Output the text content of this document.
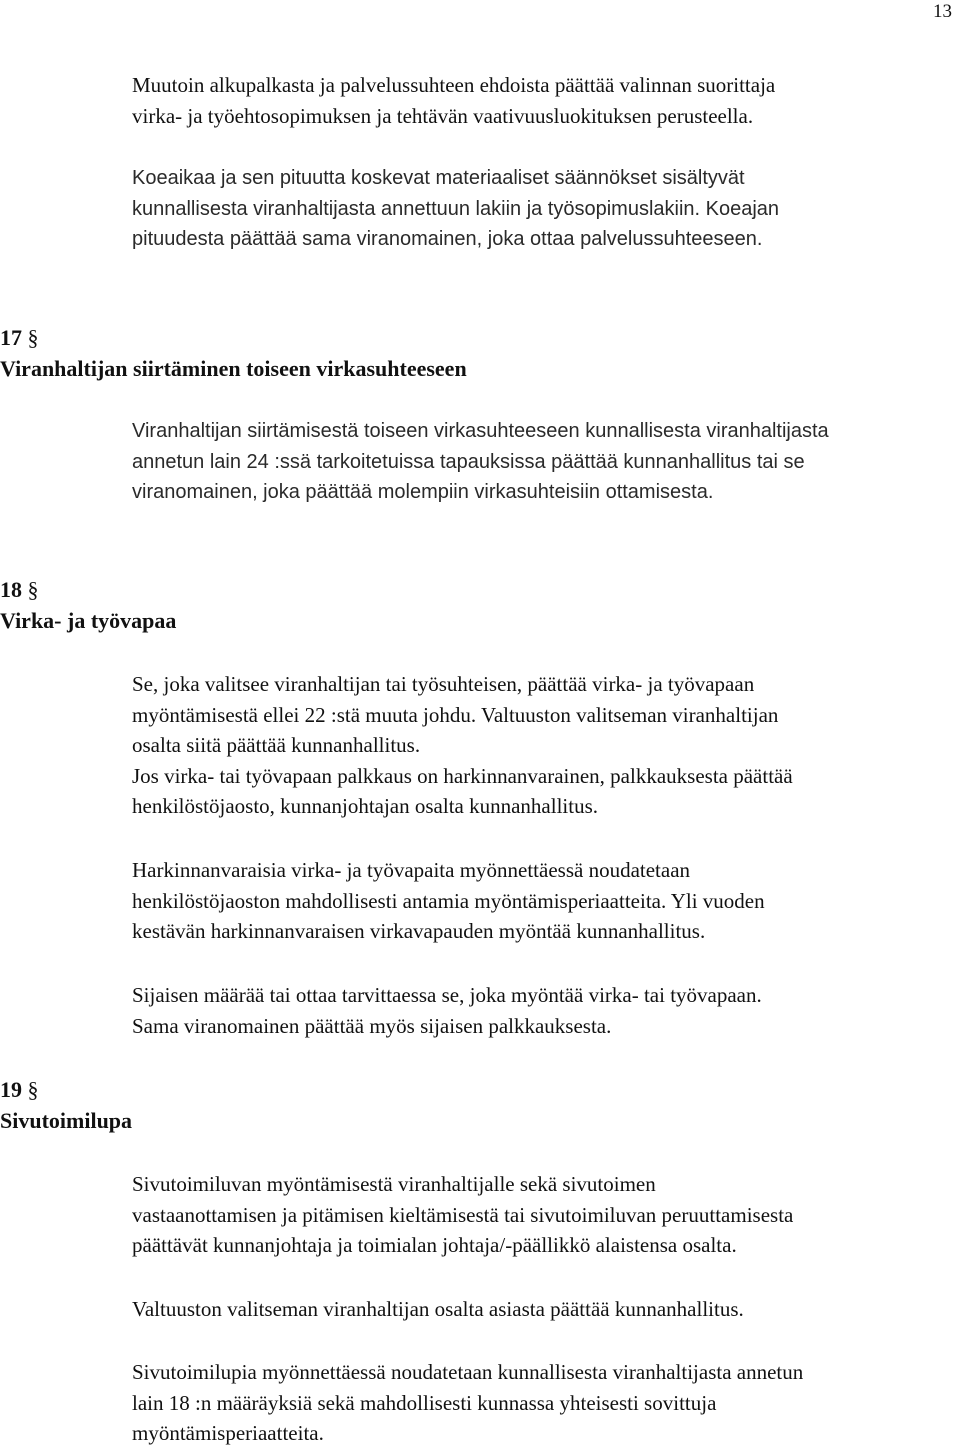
13
Muutoin alkupalkasta ja palvelussuhteen ehdoista päättää valinnan suorittaja
virka- ja työehtosopimuksen ja tehtävän vaativuusluokituksen perusteella.
Koeaikaa ja sen pituutta koskevat materiaaliset säännökset sisältyvät
kunnallisesta viranhaltijasta annettuun lakiin ja työsopimuslakiin. Koeajan
pituudesta päättää sama viranomainen, joka ottaa palvelussuhteeseen.
17 §
Viranhaltijan siirtäminen toiseen virkasuhteeseen
Viranhaltijan siirtämisestä toiseen virkasuhteeseen kunnallisesta viranhaltijasta
annetun lain 24 :ssä tarkoitetuissa tapauksissa päättää kunnanhallitus tai se
viranomainen, joka päättää molempiin virkasuhteisiin ottamisesta.
18 §
Virka- ja työvapaa
Se, joka valitsee viranhaltijan tai työsuhteisen, päättää virka- ja työvapaan
myöntämisestä ellei 22 :stä muuta johdu. Valtuuston valitseman viranhaltijan
osalta siitä päättää kunnanhallitus.
Jos virka- tai työvapaan palkkaus on harkinnanvarainen, palkkauksesta päättää
henkilöstöjaosto, kunnanjohtajan osalta kunnanhallitus.
Harkinnanvaraisia virka- ja työvapaita myönnettäessä noudatetaan
henkilöstöjaoston mahdollisesti antamia myöntämisperiaatteita. Yli vuoden
kestävän harkinnanvaraisen virkavapauden myöntää kunnanhallitus.
Sijaisen määrää tai ottaa tarvittaessa se, joka myöntää virka- tai työvapaan.
Sama viranomainen päättää myös sijaisen palkkauksesta.
19 §
Sivutoimilupa
Sivutoimiluvan myöntämisestä viranhaltijalle sekä sivutoimen
vastaanottamisen ja pitämisen kieltämisestä tai sivutoimiluvan peruuttamisesta
päättävät kunnanjohtaja ja toimialan johtaja/-päällikkö alaistensa osalta.
Valtuuston valitseman viranhaltijan osalta asiasta päättää kunnanhallitus.
Sivutoimilupia myönnettäessä noudatetaan kunnallisesta viranhaltijasta annetun
lain 18 :n määräyksiä sekä mahdollisesti kunnassa yhteisesti sovittuja
myöntämisperiaatteita.
